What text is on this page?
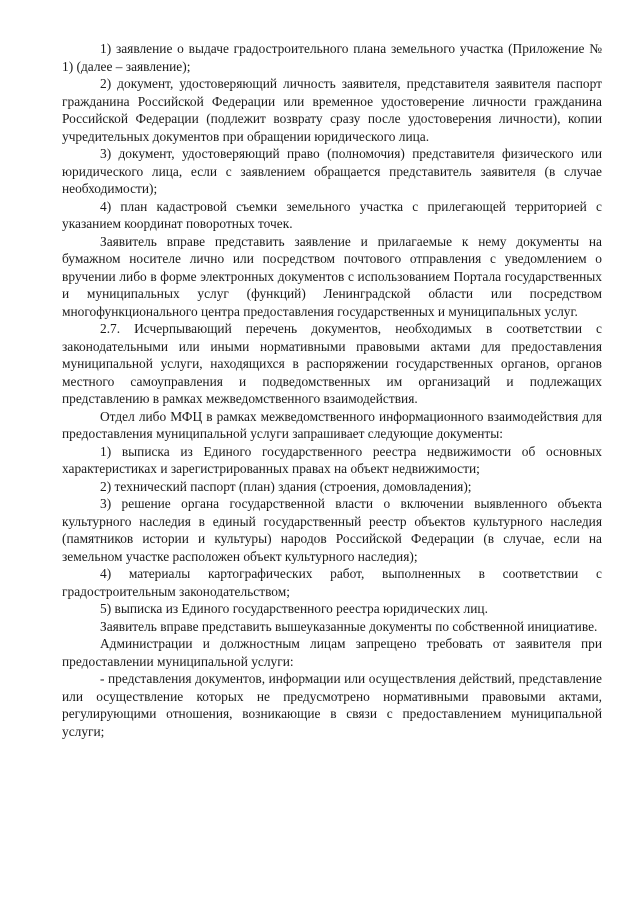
1) заявление о выдаче градостроительного плана земельного участка (Приложение № 1) (далее – заявление);

2) документ, удостоверяющий личность заявителя, представителя заявителя паспорт гражданина Российской Федерации или временное удостоверение личности гражданина Российской Федерации (подлежит возврату сразу после удостоверения личности), копии учредительных документов при обращении юридического лица.

3) документ, удостоверяющий право (полномочия) представителя физического или юридического лица, если с заявлением обращается представитель заявителя (в случае необходимости);

4) план кадастровой съемки земельного участка с прилегающей территорией с указанием координат поворотных точек.

Заявитель вправе представить заявление и прилагаемые к нему документы на бумажном носителе лично или посредством почтового отправления с уведомлением о вручении либо в форме электронных документов с использованием Портала государственных и муниципальных услуг (функций) Ленинградской области или посредством многофункционального центра предоставления государственных и муниципальных услуг.

2.7. Исчерпывающий перечень документов, необходимых в соответствии с законодательными или иными нормативными правовыми актами для предоставления муниципальной услуги, находящихся в распоряжении государственных органов, органов местного самоуправления и подведомственных им организаций и подлежащих представлению в рамках межведомственного взаимодействия.

Отдел либо МФЦ в рамках межведомственного информационного взаимодействия для предоставления муниципальной услуги запрашивает следующие документы:

1) выписка из Единого государственного реестра недвижимости об основных характеристиках и зарегистрированных правах на объект недвижимости;

2) технический паспорт (план) здания (строения, домовладения);

3) решение органа государственной власти о включении выявленного объекта культурного наследия в единый государственный реестр объектов культурного наследия (памятников истории и культуры) народов Российской Федерации (в случае, если на земельном участке расположен объект культурного наследия);

4) материалы картографических работ, выполненных в соответствии с градостроительным законодательством;

5) выписка из Единого государственного реестра юридических лиц.

Заявитель вправе представить вышеуказанные документы по собственной инициативе.

Администрации и должностным лицам запрещено требовать от заявителя при предоставлении муниципальной услуги:

- представления документов, информации или осуществления действий, представление или осуществление которых не предусмотрено нормативными правовыми актами, регулирующими отношения, возникающие в связи с предоставлением муниципальной услуги;
